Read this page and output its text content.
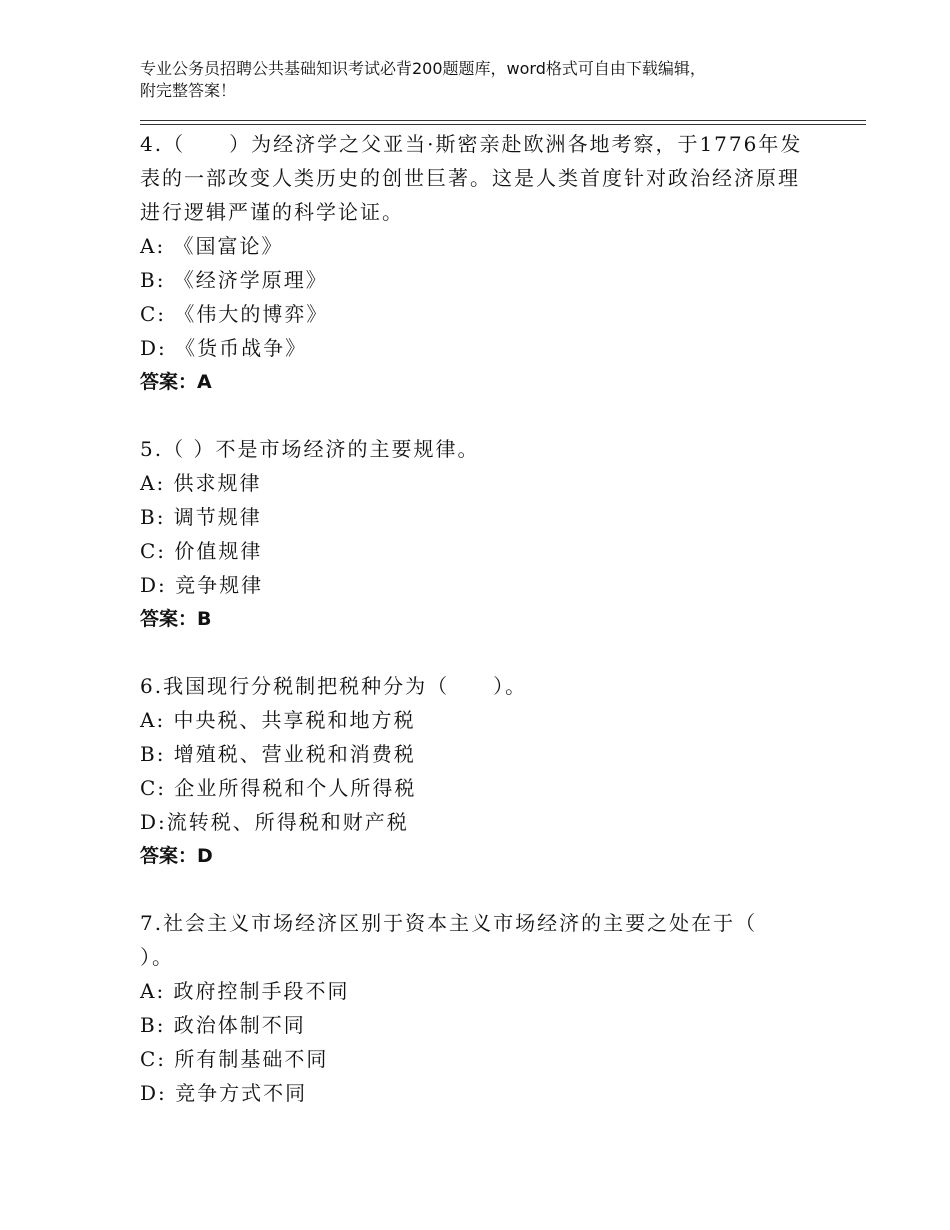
专业公务员招聘公共基础知识考试必背200题题库，word格式可自由下载编辑，
附完整答案！

4.（　　）为经济学之父亚当·斯密亲赴欧洲各地考察，于1776年发

表的一部改变人类历史的创世巨著。这是人类首度针对政治经济原理

进行逻辑严谨的科学论证。

A: 《国富论》

B: 《经济学原理》

C: 《伟大的博弈》

D: 《货币战争》

答案：A

5.（ ）不是市场经济的主要规律。

A: 供求规律

B: 调节规律

C: 价值规律

D: 竞争规律

答案：B

6.我国现行分税制把税种分为（　　）。

A: 中央税、共享税和地方税

B: 增殖税、营业税和消费税

C: 企业所得税和个人所得税

D:流转税、所得税和财产税

答案：D

7.社会主义市场经济区别于资本主义市场经济的主要之处在于（

）。

A: 政府控制手段不同

B: 政治体制不同

C: 所有制基础不同

D: 竞争方式不同
